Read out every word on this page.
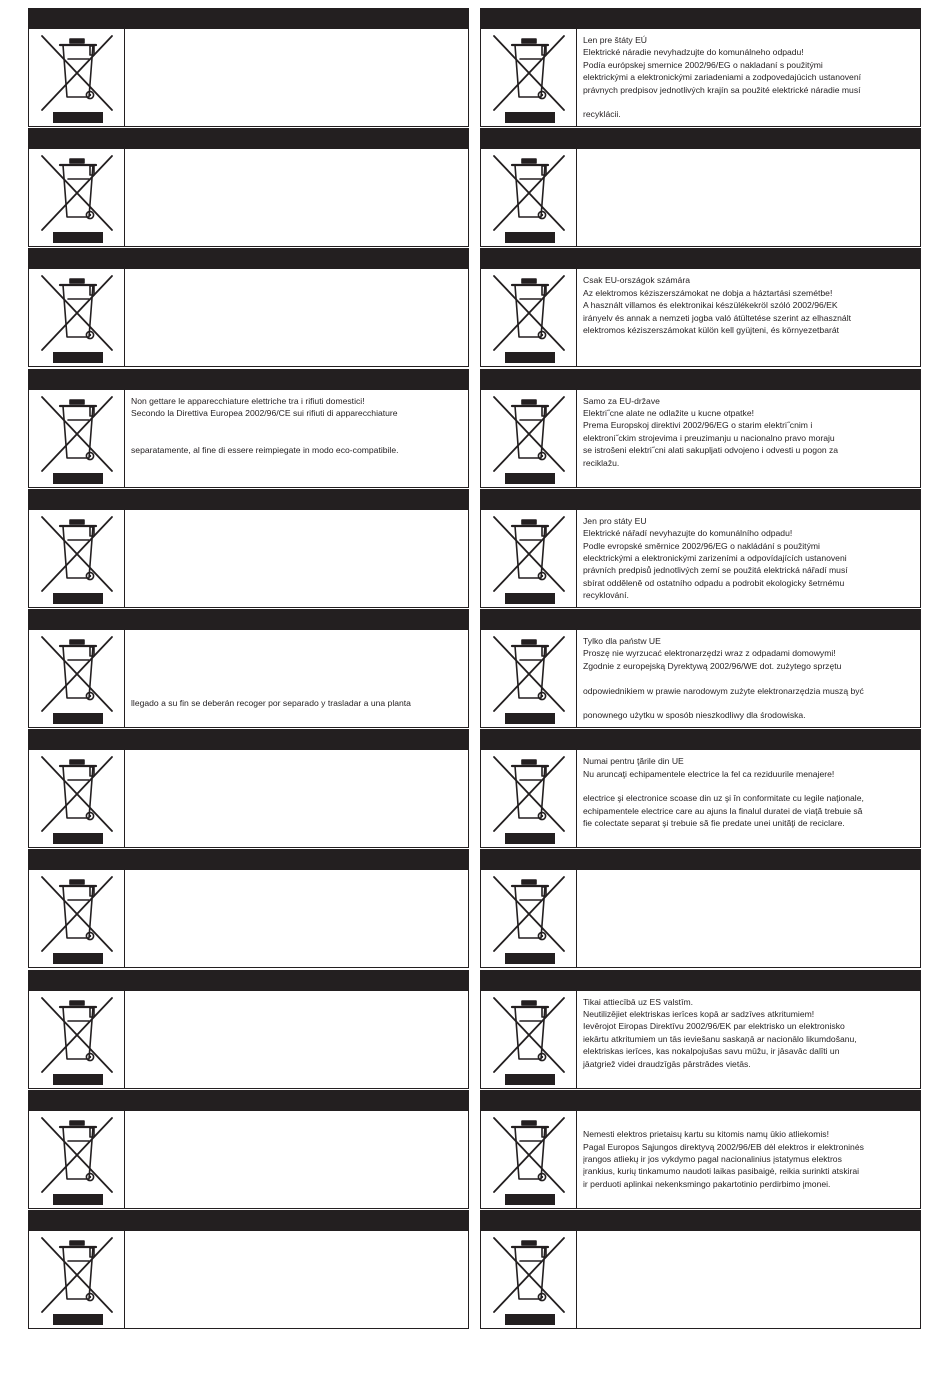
Non gettare le apparecchiature elettriche tra i rifiuti domestici!
Secondo la Direttiva Europea 2002/96/CE sui rifiuti di apparecchiature

separatamente, al fine di essere reimpiegate in modo eco-compatibile.

llegado a su fin se deberán recoger por separado y trasladar a una planta
Len pre štáty EÚ
Elektrické náradie nevyhadzujte do komunálneho odpadu!
Podía európskej smernice 2002/96/EG o nakladaní s použitými
elektrickými a elektronickými zariadeniami a zodpovedajúcich ustanovení
právnych predpisov jednotlivých krajín sa použité elektrické náradie musí

recyklácii.
Csak EU-országok számára
Az elektromos kéziszerszámokat ne dobja a háztartási szemétbe!
A használt villamos és elektronikai készülékekröl szóló 2002/96/EK
irányelv és annak a nemzeti jogba való átültetése szerint az elhasznált
elektromos kéziszerszámokat külön kell gyüjteni, és környezetbarát
Samo za EU-države
Elektri˝cne alate ne odlažite u kucne otpatke!
Prema Europskoj direktivi 2002/96/EG o starim elektri˝cnim i
elektroni˝ckim strojevima i preuzimanju u nacionalno pravo moraju
se istrošeni elektri˝cni alati sakupljati odvojeno i odvesti u pogon za
reciklažu.
Jen pro státy EU
Elektrické nářadí nevyhazujte do komunálního odpadu!
Podle evropské směrnice 2002/96/EG o nakládání s použitými
elecktrickými a elektronickými zarizeními a odpovídajících ustanoveni
právních predpisů jednotlivých zemí se použitá elektrická nářadí musí
sbírat odděleně od ostatního odpadu a podrobit ekologicky šetrnému
recyklování.
Tylko dla państw UE
Proszę nie wyrzucać elektronarzędzi wraz z odpadami domowymi!
Zgodnie z europejską Dyrektywą 2002/96/WE dot. zużytego sprzętu

odpowiednikiem w prawie narodowym zużyte elektronarzędzia muszą być

ponownego użytku w sposób nieszkodliwy dla środowiska.
Numai pentru ţările din UE
Nu aruncaţi echipamentele electrice la fel ca reziduurile menajere!

electrice şi electronice scoase din uz şi în conformitate cu legile naţionale,
echipamentele electrice care au ajuns la finalul duratei de viaţă trebuie să
fie colectate separat şi trebuie să fie predate unei unităţi de reciclare.
Tikai attiecībā uz ES valstīm.
Neutilizējiet elektriskas ierīces kopā ar sadzīves atkritumiem!
Ievērojot Eiropas Direktīvu 2002/96/EK par elektrisko un elektronisko
iekārtu atkritumiem un tās ieviešanu saskaņā ar nacionālo likumdošanu,
elektriskas ierīces, kas nokalpojušas savu mūžu, ir jāsavāc dalīti un
jāatgriež videi draudzīgās pārstrādes vietās.

Nemesti elektros prietaisų kartu su kitomis namų ūkio atliekomis!
Pagal Europos Sąjungos direktyvą 2002/96/EB dėl elektros ir elektroninės
įrangos atliekų ir jos vykdymo pagal nacionalinius įstatymus elektros
įrankius, kurių tinkamumo naudoti laikas pasibaigė, reikia surinkti atskirai
ir perduoti aplinkai nekenksmingo pakartotinio perdirbimo įmonei.
